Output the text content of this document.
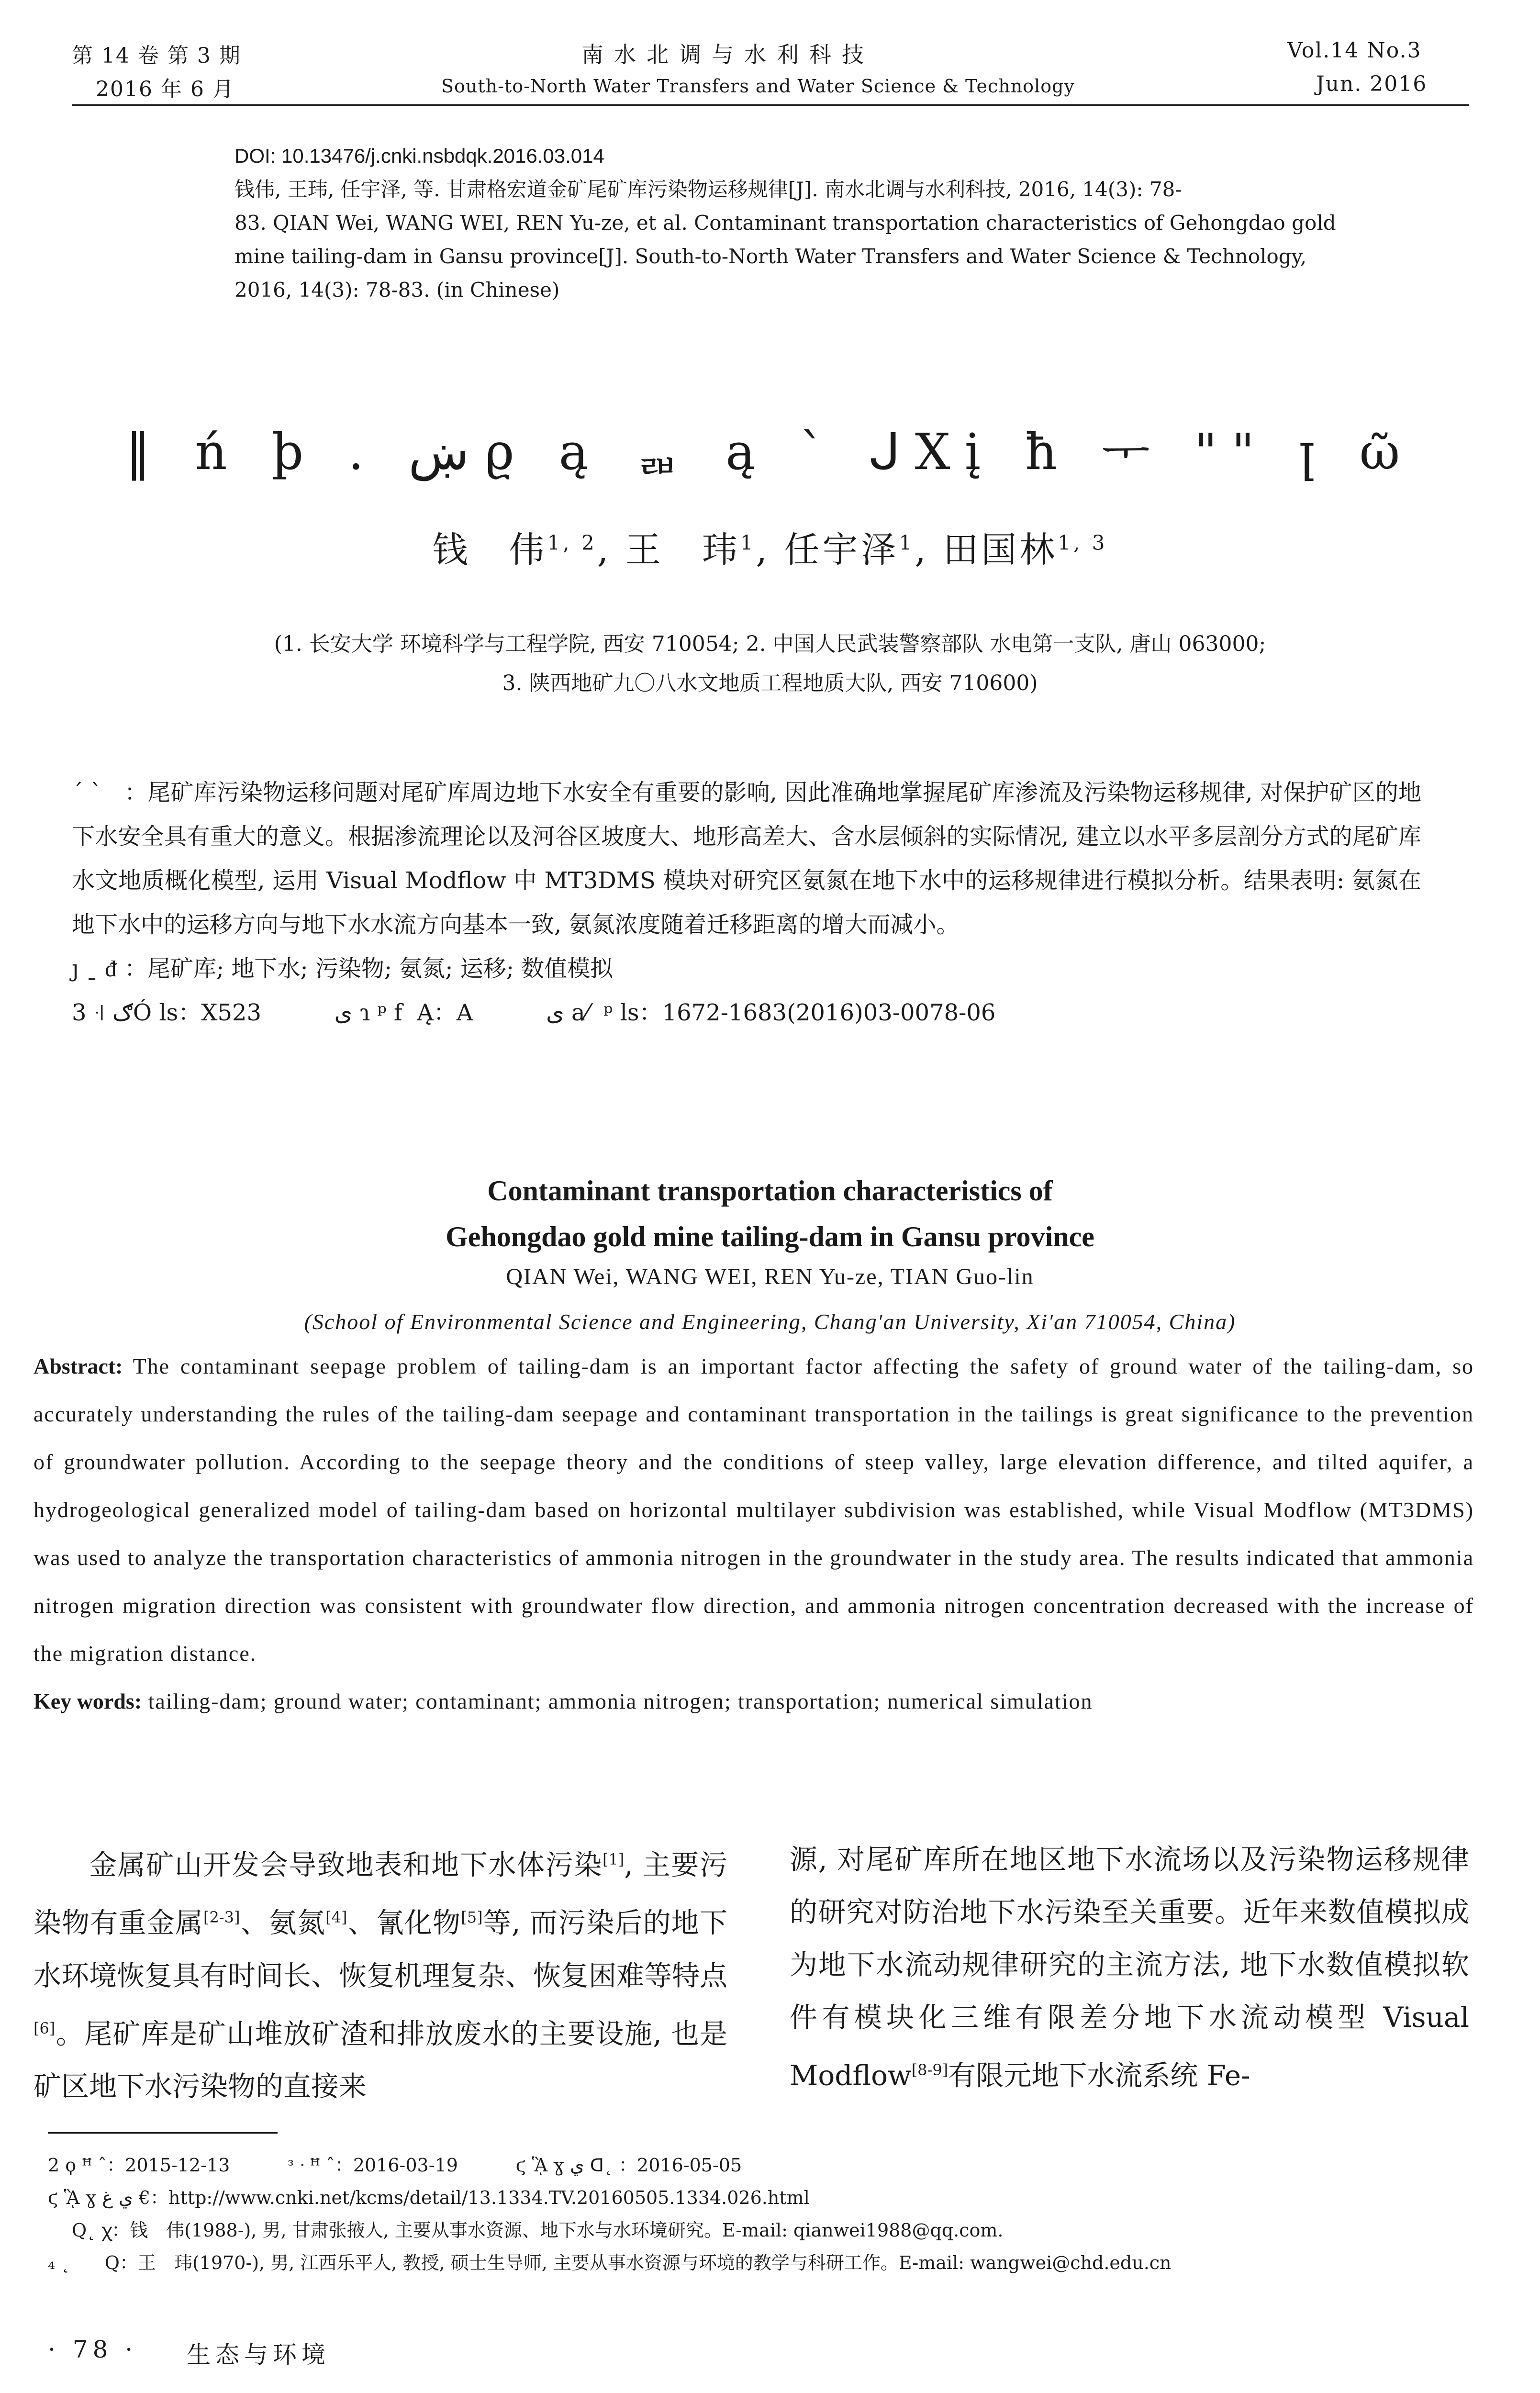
第 14 卷 第 3 期
2016 年 6 月
南水北调与水利科技
South-to-North Water Transfers and Water Science & Technology
Vol.14 No.3
Jun. 2016

DOI: 10.13476/j.cnki.nsbdqk.2016.03.014

钱伟, 王玮, 任宇泽, 等. 甘肃格宏道金矿尾矿库污染物运移规律[J]. 南水北调与水利科技, 2016, 14(3): 78-

83. QIAN Wei, WANG WEI, REN Yu-ze, et al. Contaminant transportation characteristics of Gehongdao gold

mine tailing-dam in Gansu province[J]. South-to-North Water Transfers and Water Science & Technology,

2016, 14(3): 78-83. (in Chinese)

‖ ń þ . ښ ϱ ą ᆲ ą ˋ ᒍXį ħ ᅮ "" ꞁ ῶ
钱　伟$^{1, 2}$, 王　玮$^1$, 任宇泽$^1$, 田国林$^{1, 3}$
(1. 长安大学 环境科学与工程学院, 西安 710054; 2. 中国人民武装警察部队 水电第一支队, 唐山 063000;
3. 陕西地矿九〇八水文地质工程地质大队, 西安 710600)

ˊ ˋ ：尾矿库污染物运移问题对尾矿库周边地下水安全有重要的影响, 因此准确地掌握尾矿库渗流及污染物运移规律, 对保护矿区的地下水安全具有重大的意义。根据渗流理论以及河谷区坡度大、地形高差大、含水层倾斜的实际情况, 建立以水平多层剖分方式的尾矿库水文地质概化模型, 运用 Visual Modflow 中 MT3DMS 模块对研究区氨氮在地下水中的运移规律进行模拟分析。结果表明: 氨氮在地下水中的运移方向与地下水水流方向基本一致, 氨氮浓度随着迁移距离的增大而减小。

ȷ ˍ ᵭ ：尾矿库; 地下水; 污染物; 氨氮; 运移; 数值模拟

3 ꜊ ګÓ ls：X523          ی ɿ ᵖ f  Ą：A          ی a⁄  ᵖ ls：1672-1683(2016)03-0078-06

Contaminant transportation characteristics of
Gehongdao gold mine tailing-dam in Gansu province
QIAN Wei, WANG WEI, REN Yu-ze, TIAN Guo-lin
(School of Environmental Science and Engineering, Chang′an University, Xi′an 710054, China)
Abstract: The contaminant seepage problem of tailing-dam is an important factor affecting the safety of ground water of the tailing-dam, so accurately understanding the rules of the tailing-dam seepage and contaminant transportation in the tailings is great significance to the prevention of groundwater pollution. According to the seepage theory and the conditions of steep valley, large elevation difference, and tilted aquifer, a hydrogeological generalized model of tailing-dam based on horizontal multilayer subdivision was established, while Visual Modflow (MT3DMS) was used to analyze the transportation characteristics of ammonia nitrogen in the groundwater in the study area. The results indicated that ammonia nitrogen migration direction was consistent with groundwater flow direction, and ammonia nitrogen concentration decreased with the increase of the migration distance.
Key words: tailing-dam; ground water; contaminant; ammonia nitrogen; transportation; numerical simulation
金属矿山开发会导致地表和地下水体污染[1], 主要污染物有重金属[2-3]、氨氮[4]、氰化物[5]等, 而污染后的地下水环境恢复具有时间长、恢复机理复杂、恢复困难等特点[6]。尾矿库是矿山堆放矿渣和排放废水的主要设施, 也是矿区地下水污染物的直接来
源, 对尾矿库所在地区地下水流场以及污染物运移规律的研究对防治地下水污染至关重要。近年来数值模拟成为地下水流动规律研究的主流方法, 地下水数值模拟软件有模块化三维有限差分地下水流动模型 Visual Modflow[8-9]有限元地下水流系统 Fe-
2 ϙ ꟸ ˆ：2015-12-13          ᵌ ᐧ ꟸ ˆ：2016-03-19          ϛ ᾋ ɣ ي ᗡ˛ ：2016-05-05
ϛ ᾋ ɣ ي ﻍ €：http://www.cnki.net/kcms/detail/13.1334.TV.20160505.1334.026.html
Q˛ ꭓ：钱　伟(1988-), 男, 甘肃张掖人, 主要从事水资源、地下水与水环境研究。E-mail: qianwei1988@qq.com.
₄ ˛      Q：王　玮(1970-), 男, 江西乐平人, 教授, 硕士生导师, 主要从事水资源与环境的教学与科研工作。E-mail: wangwei@chd.edu.cn
· 78 · 生态与环境
